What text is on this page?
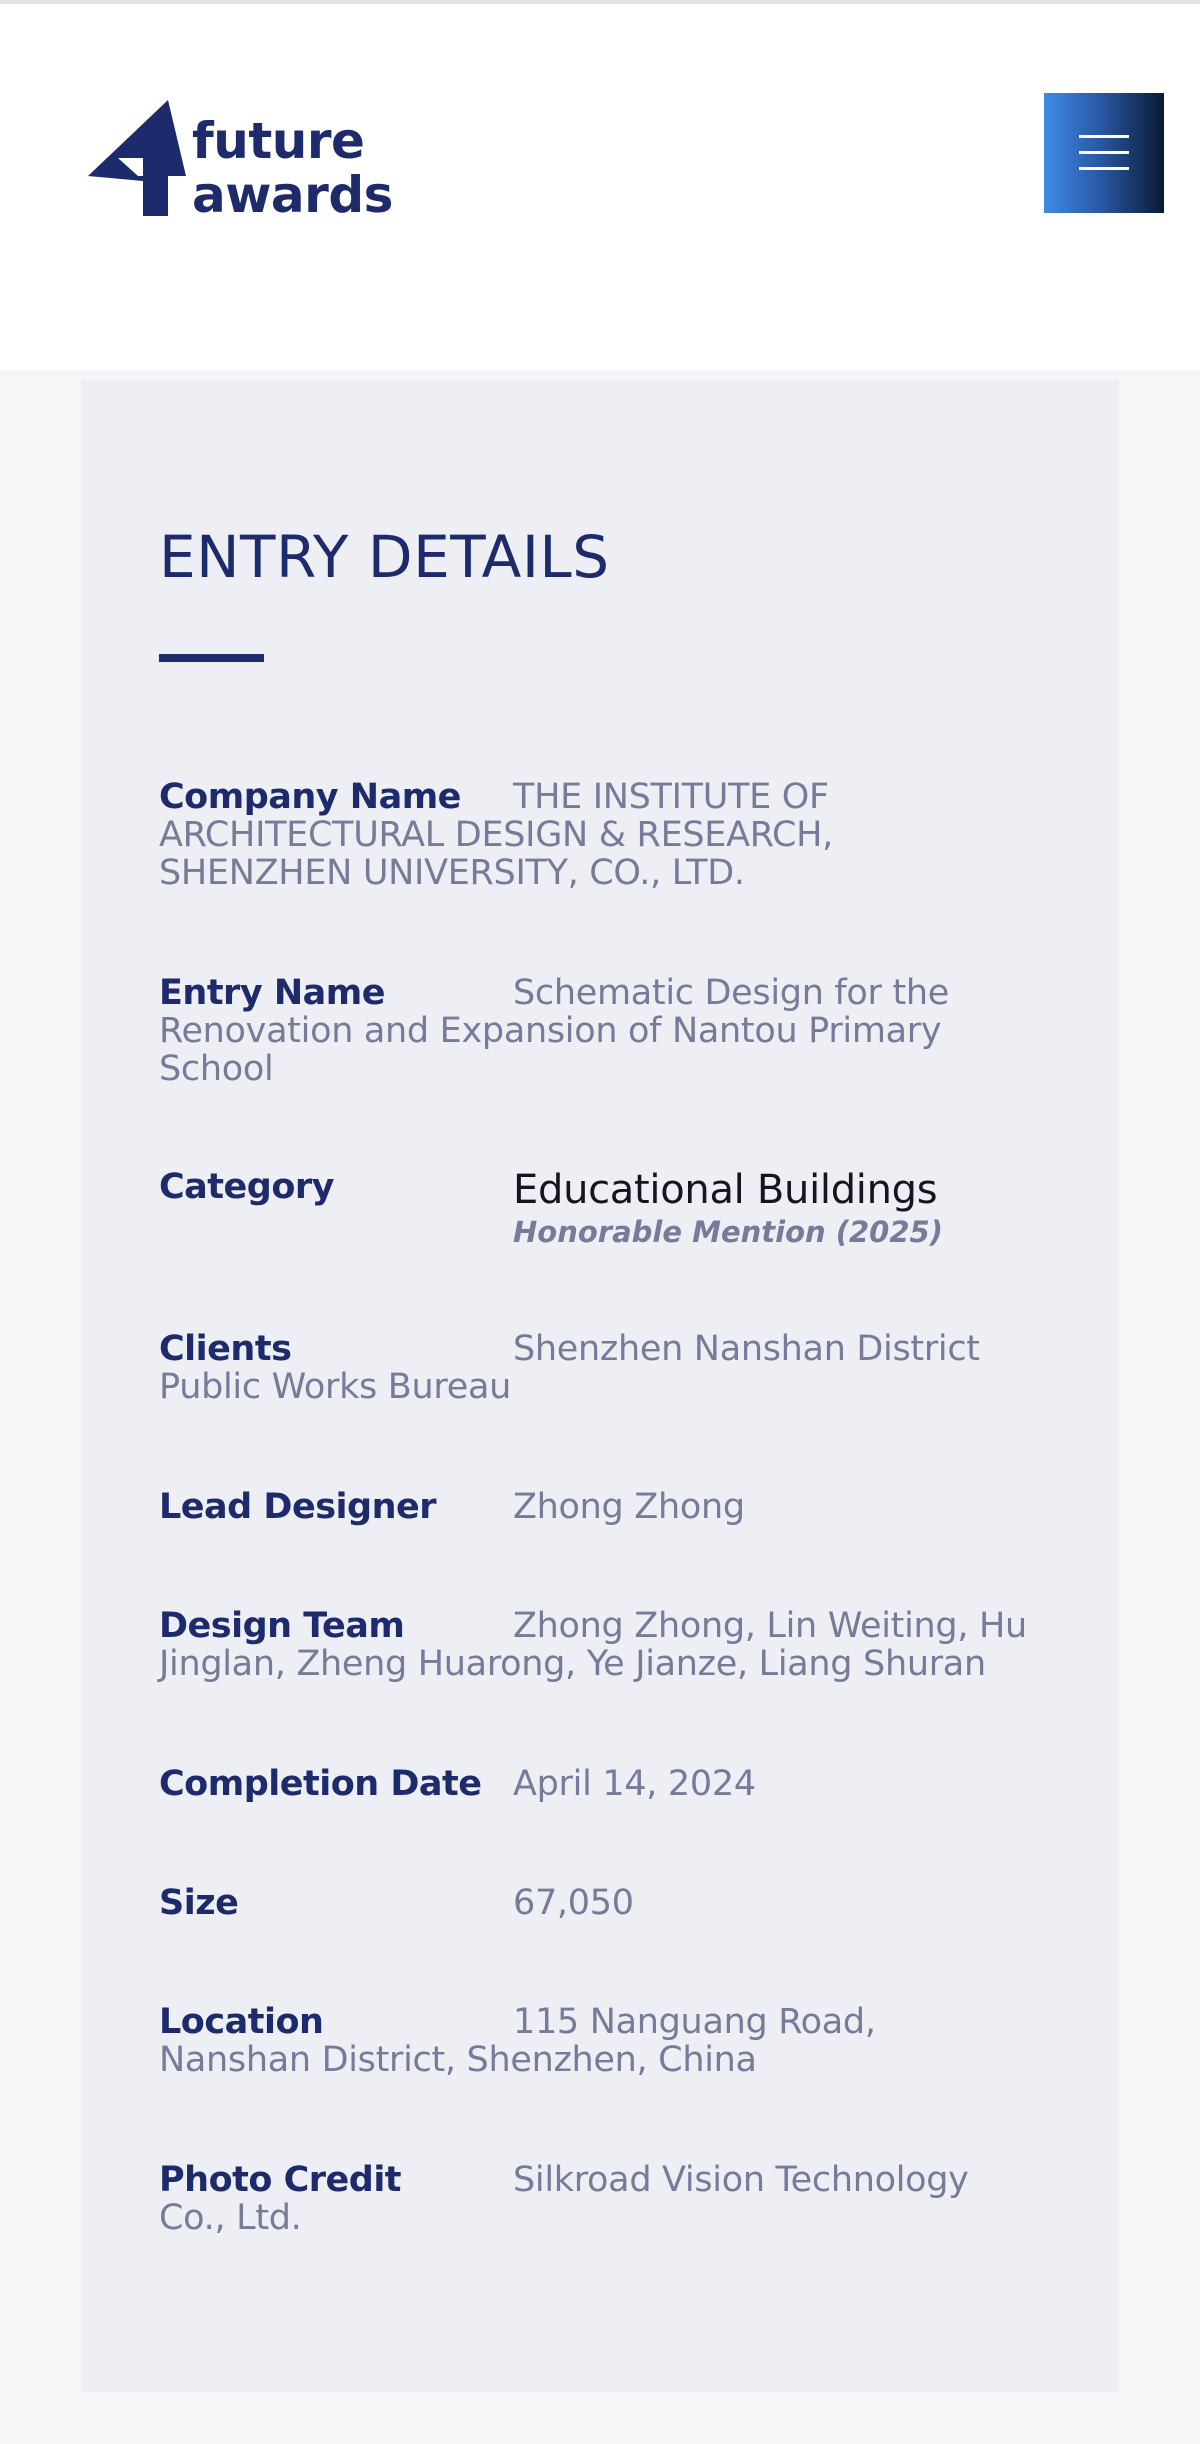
future
awards
ENTRY DETAILS
Company Name	THE INSTITUTE OF ARCHITECTURAL DESIGN & RESEARCH, SHENZHEN UNIVERSITY, CO., LTD.
Entry Name	Schematic Design for the Renovation and Expansion of Nantou Primary School
Category	Educational Buildings
Honorable Mention (2025)
Clients	Shenzhen Nanshan District Public Works Bureau
Lead Designer	Zhong Zhong
Design Team	Zhong Zhong, Lin Weiting, Hu Jinglan, Zheng Huarong, Ye Jianze, Liang Shuran
Completion Date April 14, 2024
Size	67,050
Location	115 Nanguang Road, Nanshan District, Shenzhen, China
Photo Credit	Silkroad Vision Technology Co., Ltd.
